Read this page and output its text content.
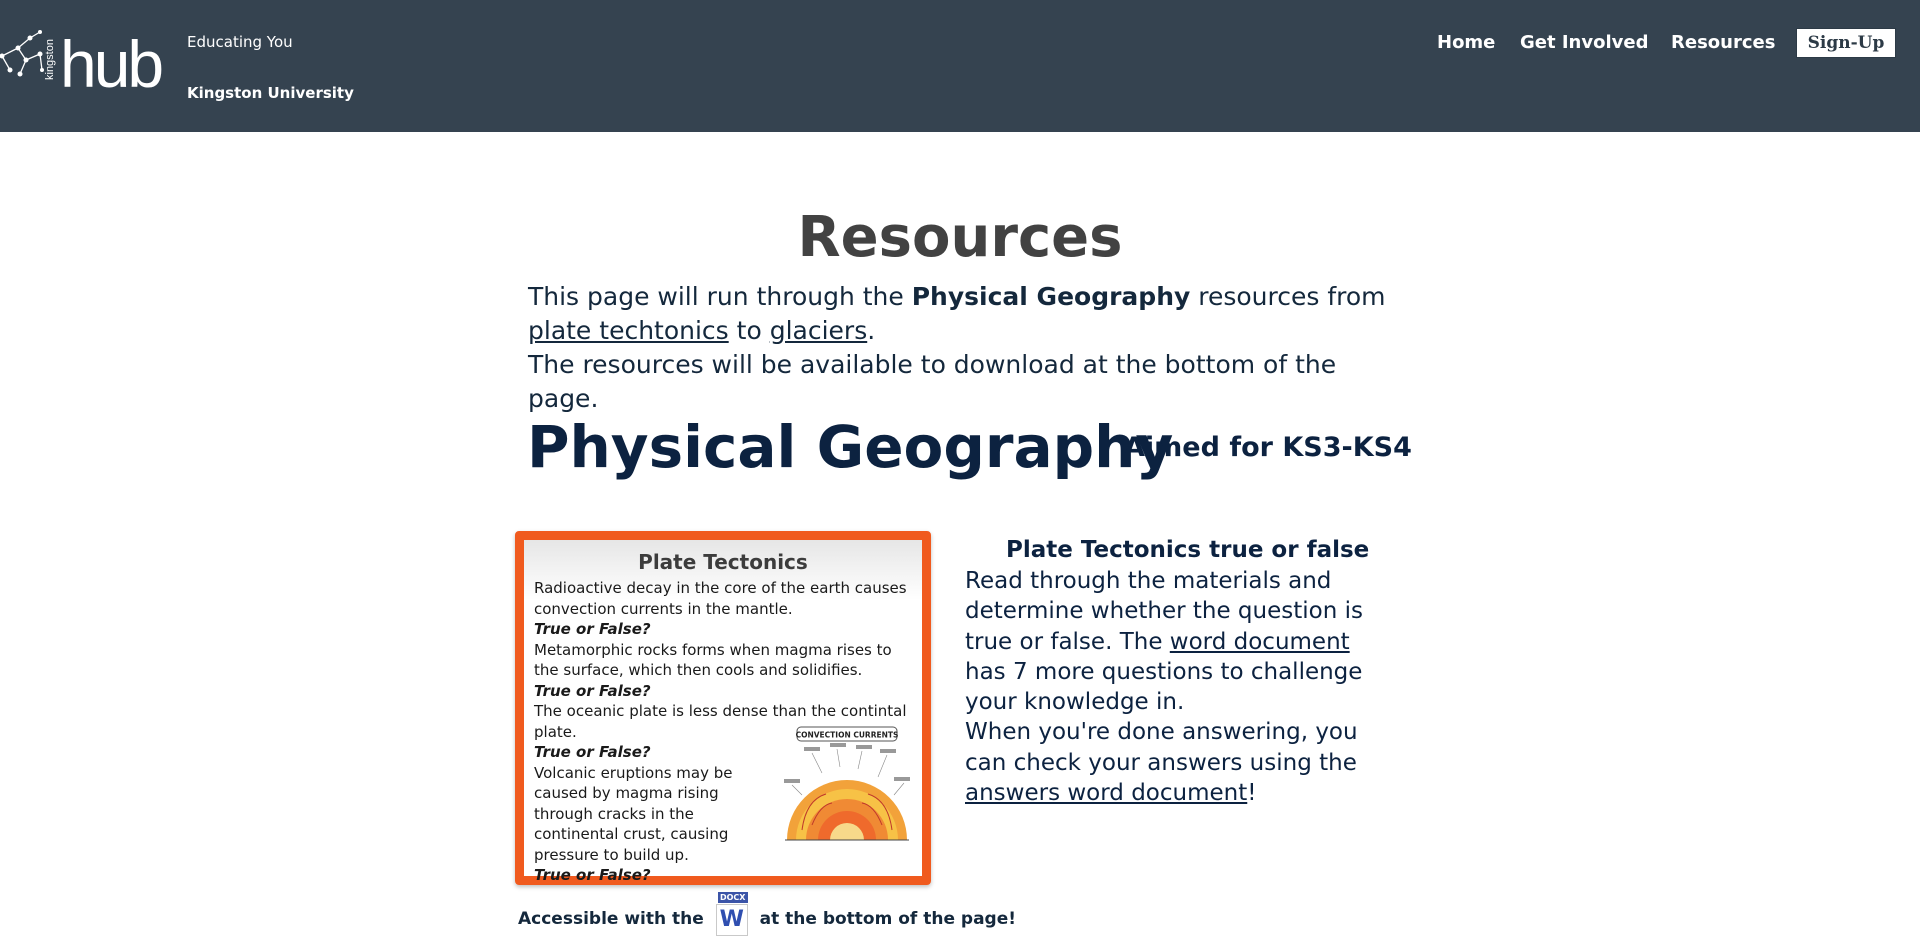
kingston hub Educating You
Kingston University
Home Get Involved Resources	Sign-Up
Resources
This page will run through the Physical Geography resources from plate techtonics to glaciers.
The resources will be available to download at the bottom of the page.
Physical Geography
Aimed for KS3-KS4
Plate Tectonics
Radioactive decay in the core of the earth causes convection currents in the mantle.
True or False?
Metamorphic rocks forms when magma rises to the surface, which then cools and solidifies.
True or False?
The oceanic plate is less dense than the contintal plate.
True or False?
Volcanic eruptions may be caused by magma rising through cracks in the continental crust, causing pressure to build up.
True or False?
CONVECTION CURRENTS
Accessible with the
DOCX
W at the bottom of the page!
Plate Tectonics true or false
Read through the materials and determine whether the question is true or false. The word document has 7 more questions to challenge your knowledge in.
When you're done answering, you can check your answers using the answers word document!
